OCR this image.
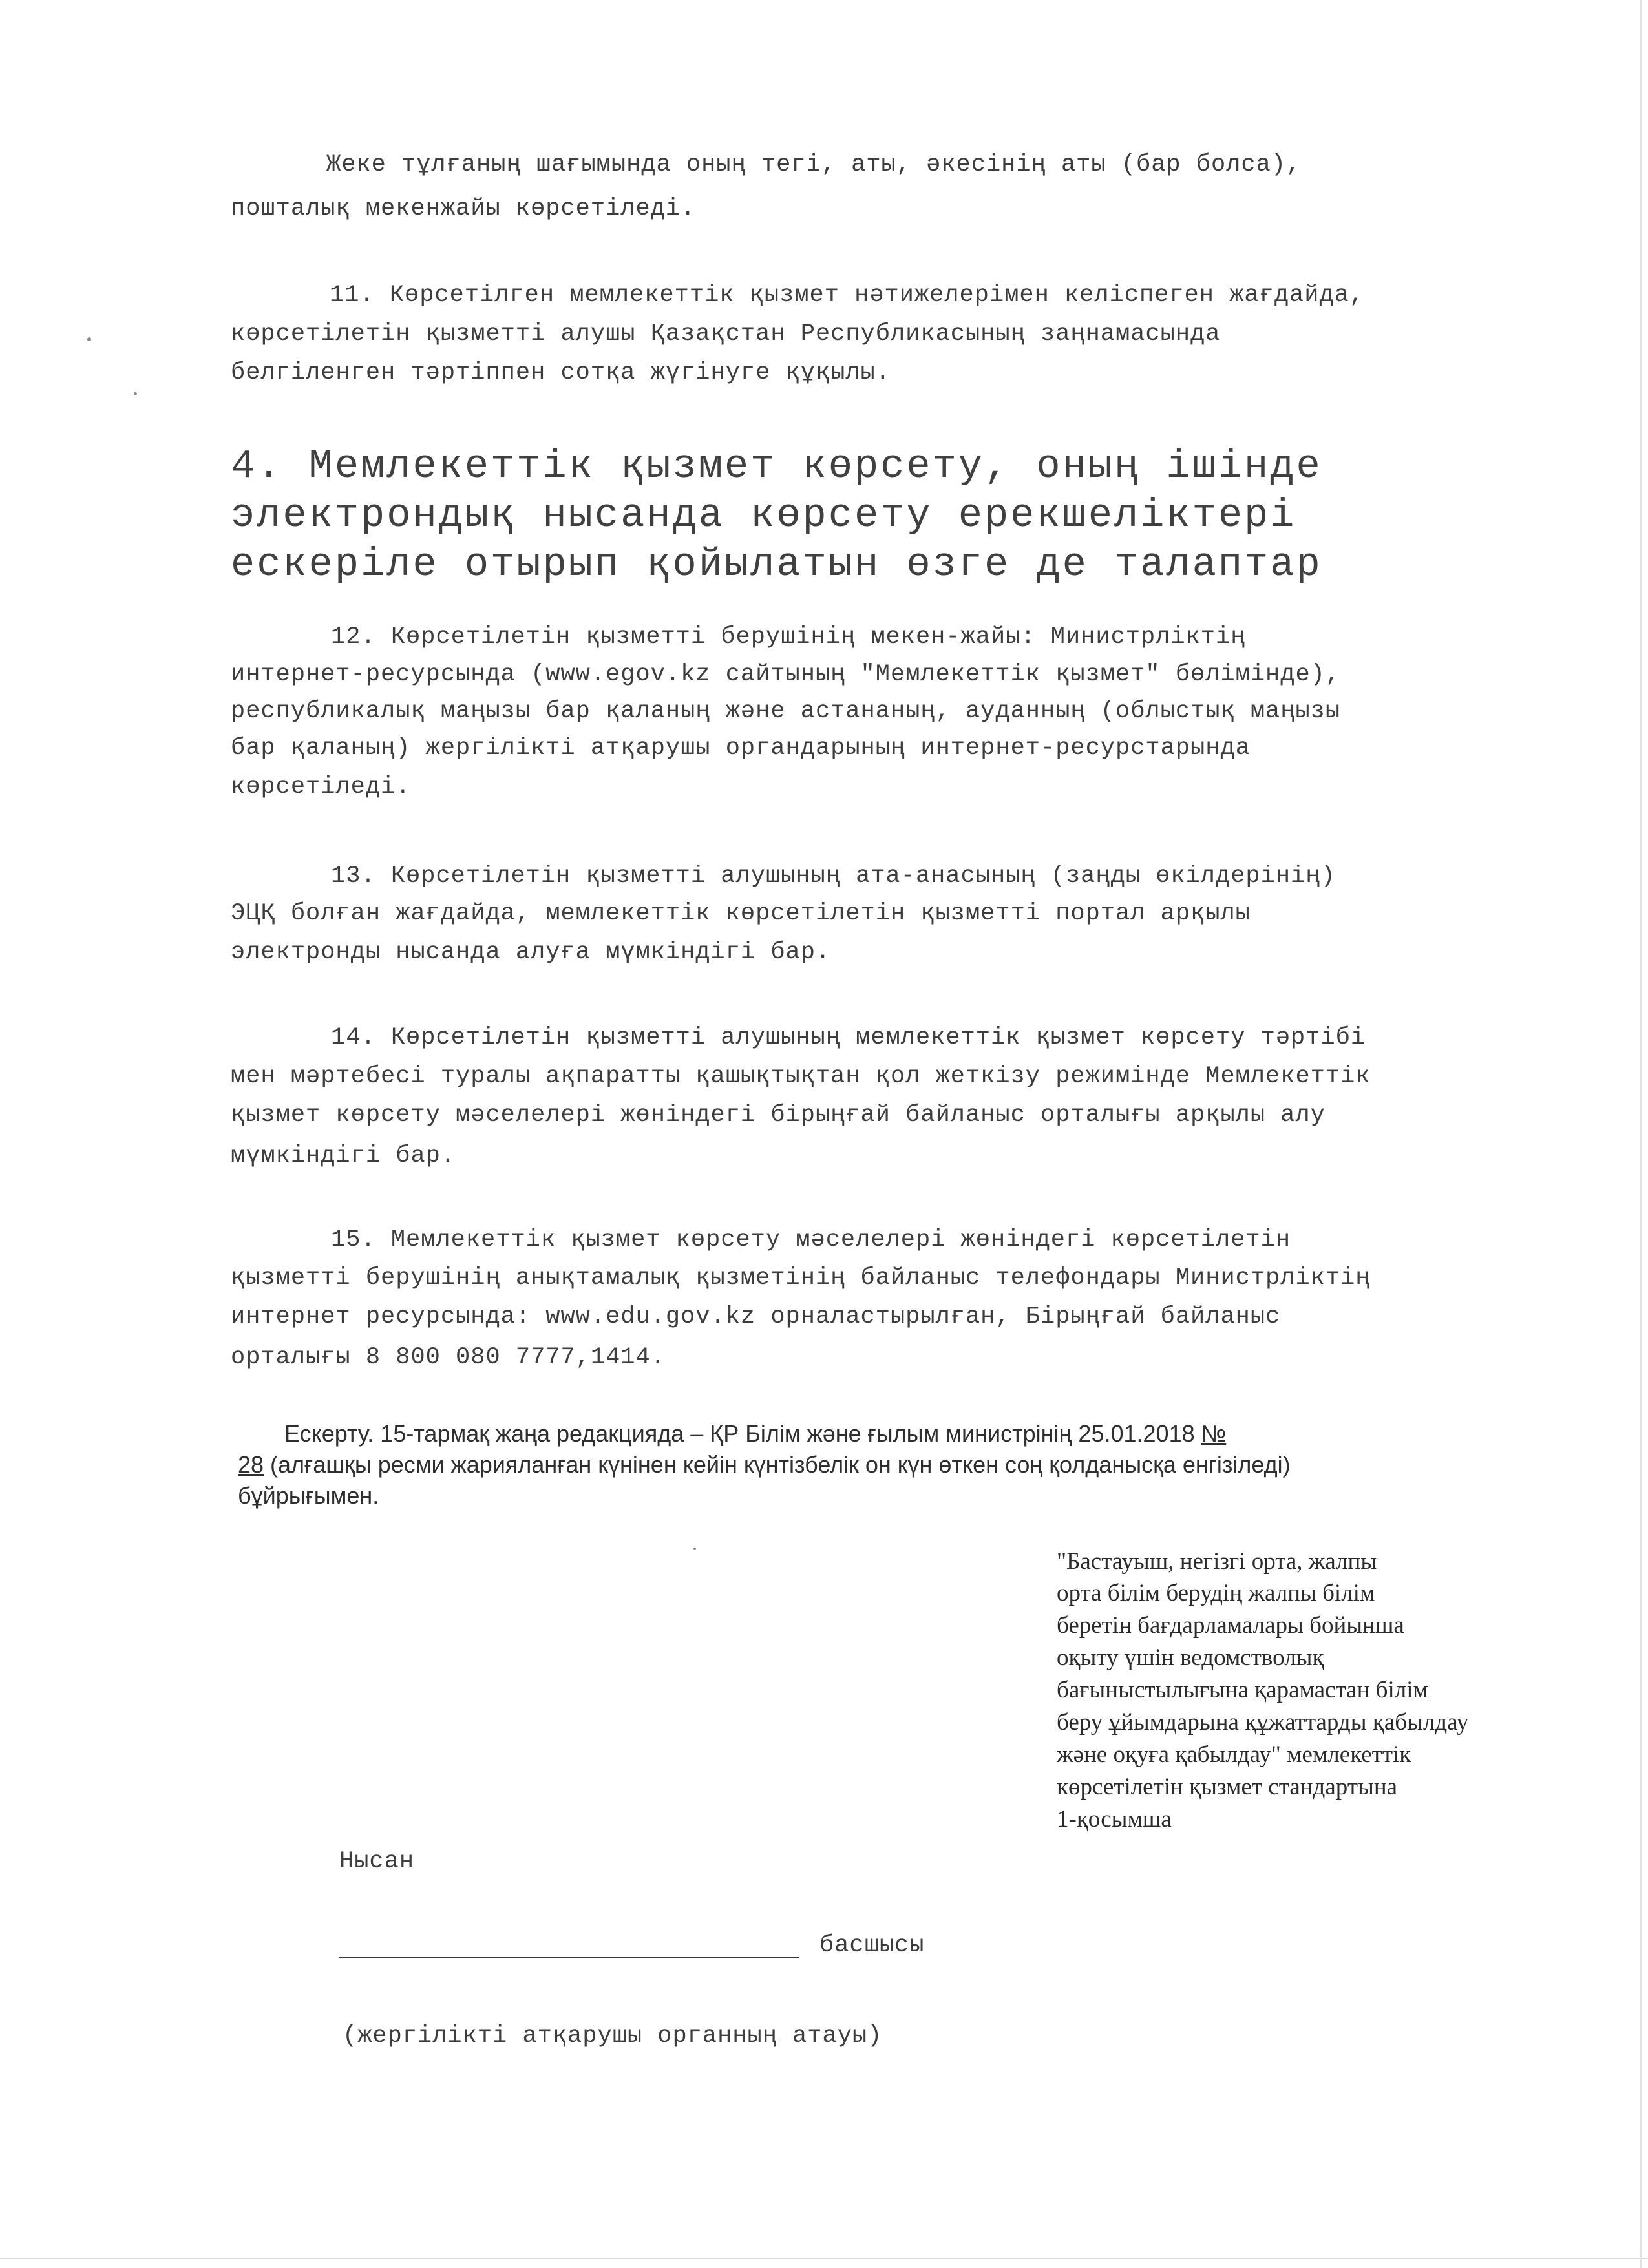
Жеке тұлғаның шағымында оның тегі, аты, әкесінің аты (бар болса),
пошталық мекенжайы көрсетіледі.
11. Көрсетілген мемлекеттік қызмет нәтижелерімен келіспеген жағдайда,
көрсетілетін қызметті алушы Қазақстан Республикасының заңнамасында
белгіленген тәртіппен сотқа жүгінуге құқылы.
4. Мемлекеттік қызмет көрсету, оның ішінде
электрондық нысанда көрсету ерекшеліктері
ескеріле отырып қойылатын өзге де талаптар
12. Көрсетілетін қызметті берушінің мекен-жайы: Министрліктің
интернет-ресурсында (www.egov.kz сайтының "Мемлекеттік қызмет" бөлімінде),
республикалық маңызы бар қаланың және астананың, ауданның (облыстық маңызы
бар қаланың) жергілікті атқарушы органдарының интернет-ресурстарында
көрсетіледі.
13. Көрсетілетін қызметті алушының ата-анасының (заңды өкілдерінің)
ЭЦҚ болған жағдайда, мемлекеттік көрсетілетін қызметті портал арқылы
электронды нысанда алуға мүмкіндігі бар.
14. Көрсетілетін қызметті алушының мемлекеттік қызмет көрсету тәртібі
мен мәртебесі туралы ақпаратты қашықтықтан қол жеткізу режимінде Мемлекеттік
қызмет көрсету мәселелері жөніндегі бірыңғай байланыс орталығы арқылы алу
мүмкіндігі бар.
15. Мемлекеттік қызмет көрсету мәселелері жөніндегі көрсетілетін
қызметті берушінің анықтамалық қызметінің байланыс телефондары Министрліктің
интернет ресурсында: www.edu.gov.kz орналастырылған, Бірыңғай байланыс
орталығы 8 800 080 7777,1414.
Ескерту. 15-тармақ жаңа редакцияда – ҚР Білім және ғылым министрінің 25.01.2018 №
28 (алғашқы ресми жарияланған күнінен кейін күнтізбелік он күн өткен соң қолданысқа енгізіледі)
бұйрығымен.
"Бастауыш, негізгі орта, жалпы
орта білім берудің жалпы білім
беретін бағдарламалары бойынша
оқыту үшін ведомстволық
бағыныстылығына қарамастан білім
беру ұйымдарына құжаттарды қабылдау
және оқуға қабылдау" мемлекеттік
көрсетілетін қызмет стандартына
1-қосымша
Нысан
басшысы
(жергілікті атқарушы органның атауы)
